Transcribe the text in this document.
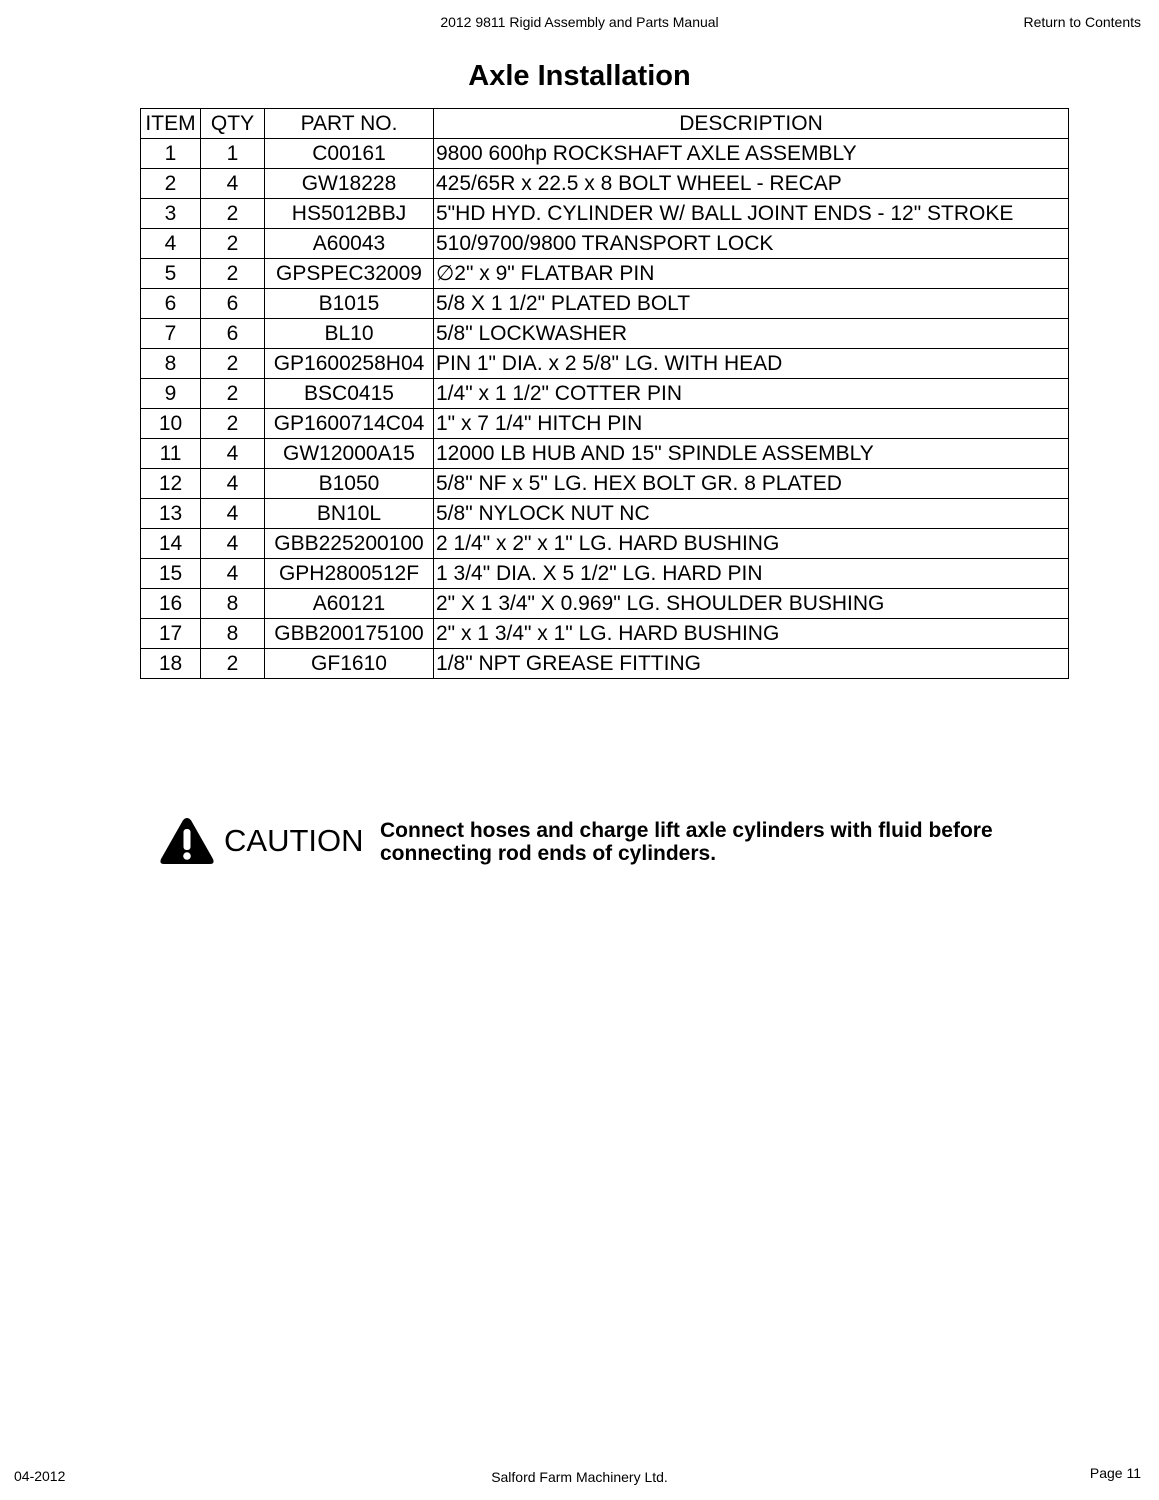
2012 9811 Rigid Assembly and Parts Manual	Return to Contents
Axle Installation
ITEM	QTY	PART NO.	DESCRIPTION
1	1	C00161	9800 600hp ROCKSHAFT AXLE ASSEMBLY
2	4	GW18228	425/65R x 22.5 x 8 BOLT WHEEL - RECAP
3	2	HS5012BBJ	5"HD HYD. CYLINDER W/ BALL JOINT ENDS - 12" STROKE
4	2	A60043	510/9700/9800 TRANSPORT LOCK
5	2	GPSPEC32009	∅2" x 9" FLATBAR PIN
6	6	B1015	5/8 X 1 1/2" PLATED BOLT
7	6	BL10	5/8" LOCKWASHER
8	2	GP1600258H04	PIN 1" DIA. x 2 5/8" LG. WITH HEAD
9	2	BSC0415	1/4" x 1 1/2" COTTER PIN
10	2	GP1600714C04	1" x 7 1/4" HITCH PIN
11	4	GW12000A15	12000 LB HUB AND 15" SPINDLE ASSEMBLY
12	4	B1050	5/8" NF x 5" LG. HEX BOLT GR. 8 PLATED
13	4	BN10L	5/8" NYLOCK NUT NC
14	4	GBB225200100	2 1/4" x 2" x 1" LG. HARD BUSHING
15	4	GPH2800512F	1 3/4" DIA. X 5 1/2" LG. HARD PIN
16	8	A60121	2" X 1 3/4" X 0.969" LG. SHOULDER BUSHING
17	8	GBB200175100	2" x 1 3/4" x 1" LG. HARD BUSHING
18	2	GF1610	1/8" NPT GREASE FITTING
CAUTION Connect hoses and charge lift axle cylinders with fluid before connecting rod ends of cylinders.
04-2012	Salford Farm Machinery Ltd.	Page 11
